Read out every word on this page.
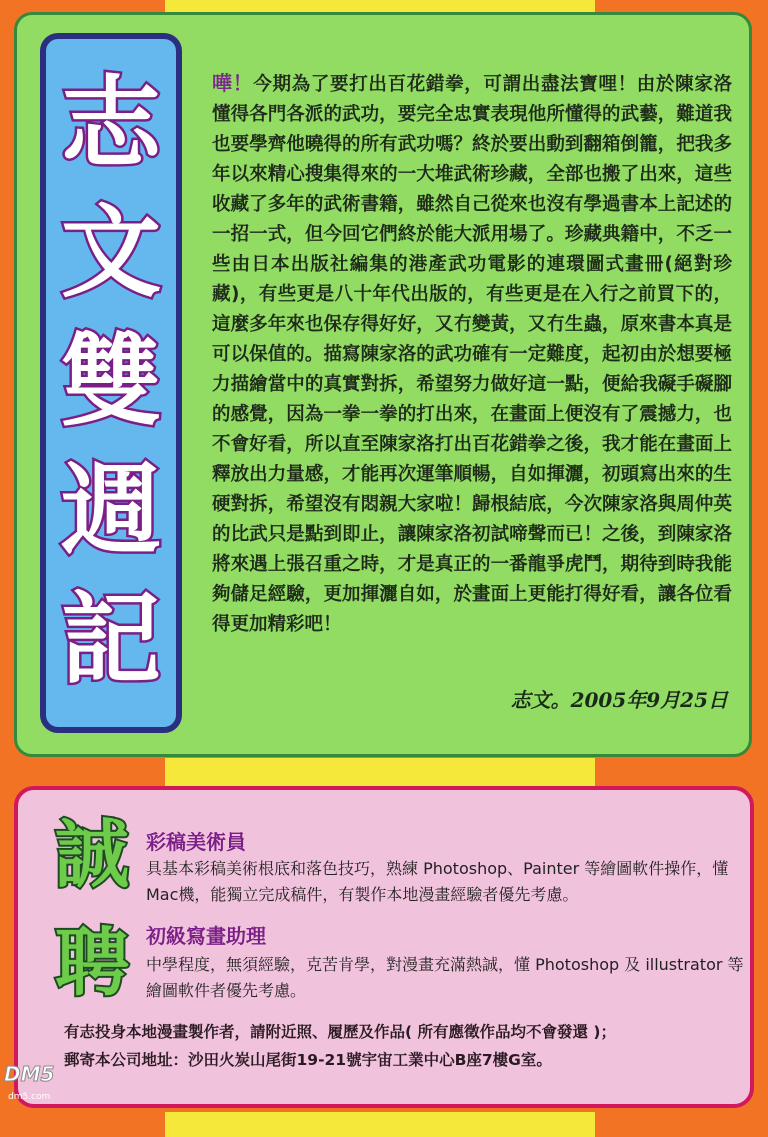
志
文
雙
週
記

嘩！今期為了要打出百花錯拳，可謂出盡法寶哩！由於陳家洛懂得各門各派的武功，要完全忠實表現他所懂得的武藝，難道我也要學齊他曉得的所有武功嗎？終於要出動到翻箱倒籠，把我多年以來精心搜集得來的一大堆武術珍藏，全部也搬了出來，這些收藏了多年的武術書籍，雖然自己從來也沒有學過書本上記述的一招一式，但今回它們終於能大派用場了。珍藏典籍中，不乏一些由日本出版社編集的港產武功電影的連環圖式畫冊(絕對珍藏)，有些更是八十年代出版的，有些更是在入行之前買下的，這麼多年來也保存得好好，又冇變黃，又冇生蟲，原來書本真是可以保值的。描寫陳家洛的武功確有一定難度，起初由於想要極力描繪當中的真實對拆，希望努力做好這一點，便給我礙手礙腳的感覺，因為一拳一拳的打出來，在畫面上便沒有了震撼力，也不會好看，所以直至陳家洛打出百花錯拳之後，我才能在畫面上釋放出力量感，才能再次運筆順暢，自如揮灑，初頭寫出來的生硬對拆，希望沒有悶親大家啦！歸根結底，今次陳家洛與周仲英的比武只是點到即止，讓陳家洛初試啼聲而已！之後，到陳家洛將來遇上張召重之時，才是真正的一番龍爭虎鬥，期待到時我能夠儲足經驗，更加揮灑自如，於畫面上更能打得好看，讓各位看得更加精彩吧！

志文。2005年9月25日
誠
聘
彩稿美術員

具基本彩稿美術根底和落色技巧，熟練 Photoshop、Painter 等繪圖軟件操作，懂Mac機，能獨立完成稿件，有製作本地漫畫經驗者優先考慮。

初級寫畫助理

中學程度，無須經驗，克苦肯學，對漫畫充滿熱誠，懂 Photoshop 及 illustrator 等繪圖軟件者優先考慮。

有志投身本地漫畫製作者，請附近照、履歷及作品( 所有應徵作品均不會發還 )；

郵寄本公司地址：沙田火炭山尾街19-21號宇宙工業中心B座7樓G室。

DM5
dm5.com
